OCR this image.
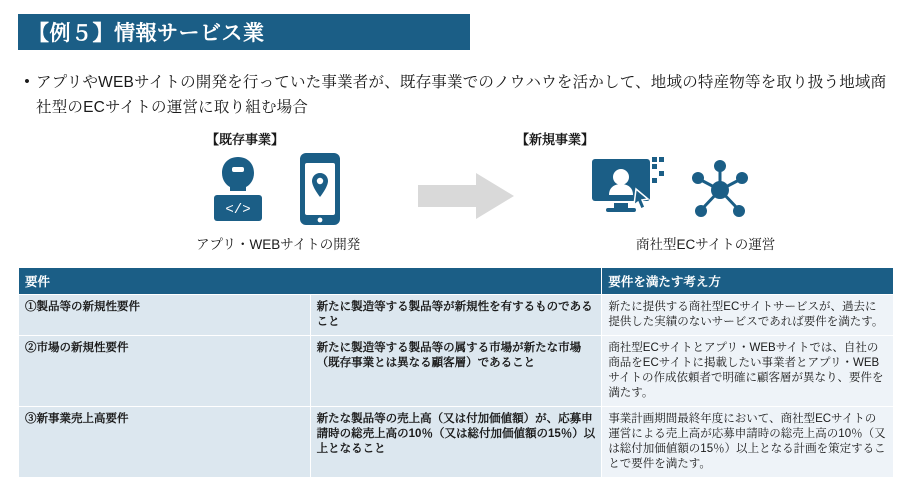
【例５】情報サービス業
• アプリやWEBサイトの開発を行っていた事業者が、既存事業でのノウハウを活かして、地域の特産物等を取り扱う地域商社型のECサイトの運営に取り組む場合
【既存事業】	【新規事業】
</>
アプリ・WEBサイトの開発	商社型ECサイトの運営
要件		要件を満たす考え方
①製品等の新規性要件	新たに製造等する製品等が新規性を有するものであること	新たに提供する商社型ECサイトサービスが、過去に提供した実績のないサービスであれば要件を満たす。
②市場の新規性要件	新たに製造等する製品等の属する市場が新たな市場（既存事業とは異なる顧客層）であること	商社型ECサイトとアプリ・WEBサイトでは、自社の商品をECサイトに掲載したい事業者とアプリ・WEBサイトの作成依頼者で明確に顧客層が異なり、要件を満たす。
③新事業売上高要件	新たな製品等の売上高（又は付加価値額）が、応募申請時の総売上高の10％（又は総付加価値額の15％）以上となること	事業計画期間最終年度において、商社型ECサイトの運営による売上高が応募申請時の総売上高の10％（又は総付加価値額の15％）以上となる計画を策定することで要件を満たす。
